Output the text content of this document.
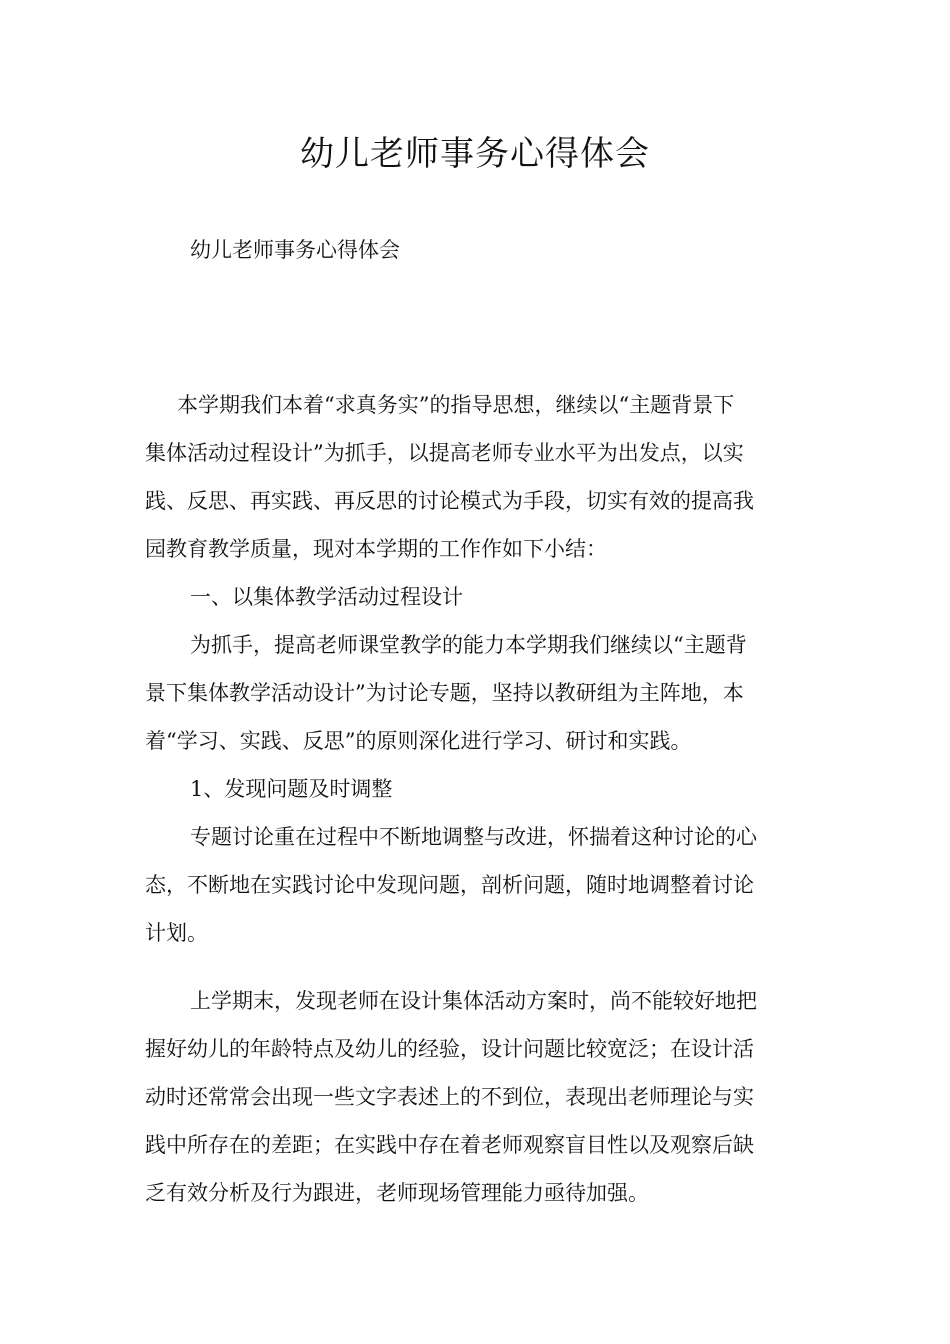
幼儿老师事务心得体会
幼儿老师事务心得体会
本学期我们本着“求真务实”的指导思想，继续以“主题背景下
集体活动过程设计”为抓手，以提高老师专业水平为出发点，以实
践、反思、再实践、再反思的讨论模式为手段，切实有效的提高我
园教育教学质量，现对本学期的工作作如下小结：
一、以集体教学活动过程设计
为抓手，提高老师课堂教学的能力本学期我们继续以“主题背
景下集体教学活动设计”为讨论专题，坚持以教研组为主阵地，本
着“学习、实践、反思”的原则深化进行学习、研讨和实践。
1、发现问题及时调整
专题讨论重在过程中不断地调整与改进，怀揣着这种讨论的心
态，不断地在实践讨论中发现问题，剖析问题，随时地调整着讨论
计划。
上学期末，发现老师在设计集体活动方案时，尚不能较好地把
握好幼儿的年龄特点及幼儿的经验，设计问题比较宽泛；在设计活
动时还常常会出现一些文字表述上的不到位，表现出老师理论与实
践中所存在的差距；在实践中存在着老师观察盲目性以及观察后缺
乏有效分析及行为跟进，老师现场管理能力亟待加强。
